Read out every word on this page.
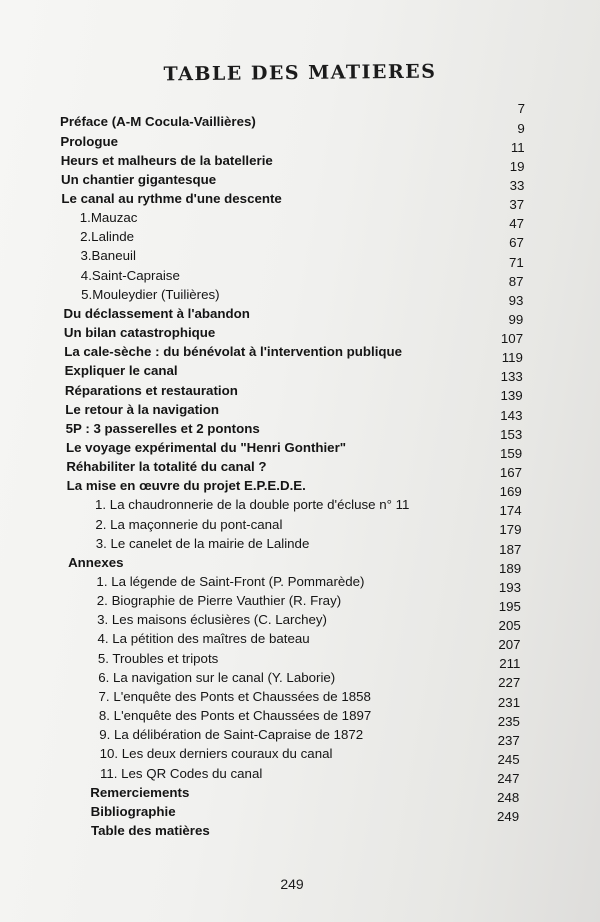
TABLE DES MATIERES
Préface (A-M Cocula-Vaillières)
Prologue
Heurs et malheurs de la batellerie
Un chantier gigantesque
Le canal au rythme d'une descente
1.Mauzac
2.Lalinde
3.Baneuil
4.Saint-Capraise
5.Mouleydier (Tuilières)
Du déclassement à l'abandon
Un bilan catastrophique
La cale-sèche : du bénévolat à l'intervention publique
Expliquer le canal
Réparations et restauration
Le retour à la navigation
5P : 3 passerelles et 2 pontons
Le voyage expérimental du "Henri Gonthier"
Réhabiliter la totalité du canal ?
La mise en œuvre du projet E.P.E.D.E.
1. La chaudronnerie de la double porte d'écluse n° 11
2. La maçonnerie du pont-canal
3. Le canelet de la mairie de Lalinde
Annexes
1. La légende de Saint-Front (P. Pommarède)
2. Biographie de Pierre Vauthier (R. Fray)
3. Les maisons éclusières (C. Larchey)
4. La pétition des maîtres de bateau
5. Troubles et tripots
6. La navigation sur le canal (Y. Laborie)
7. L'enquête des Ponts et Chaussées de 1858
8. L'enquête des Ponts et Chaussées de 1897
9. La délibération de Saint-Capraise de 1872
10. Les deux derniers couraux du canal
11. Les QR Codes du canal
Remerciements
Bibliographie
Table des matières
7
9
11
19
33
37
47
67
71
87
93
99
107
119
133
139
143
153
159
167
169
174
179
187
189
193
195
205
207
211
227
231
235
237
245
247
248
249
249
